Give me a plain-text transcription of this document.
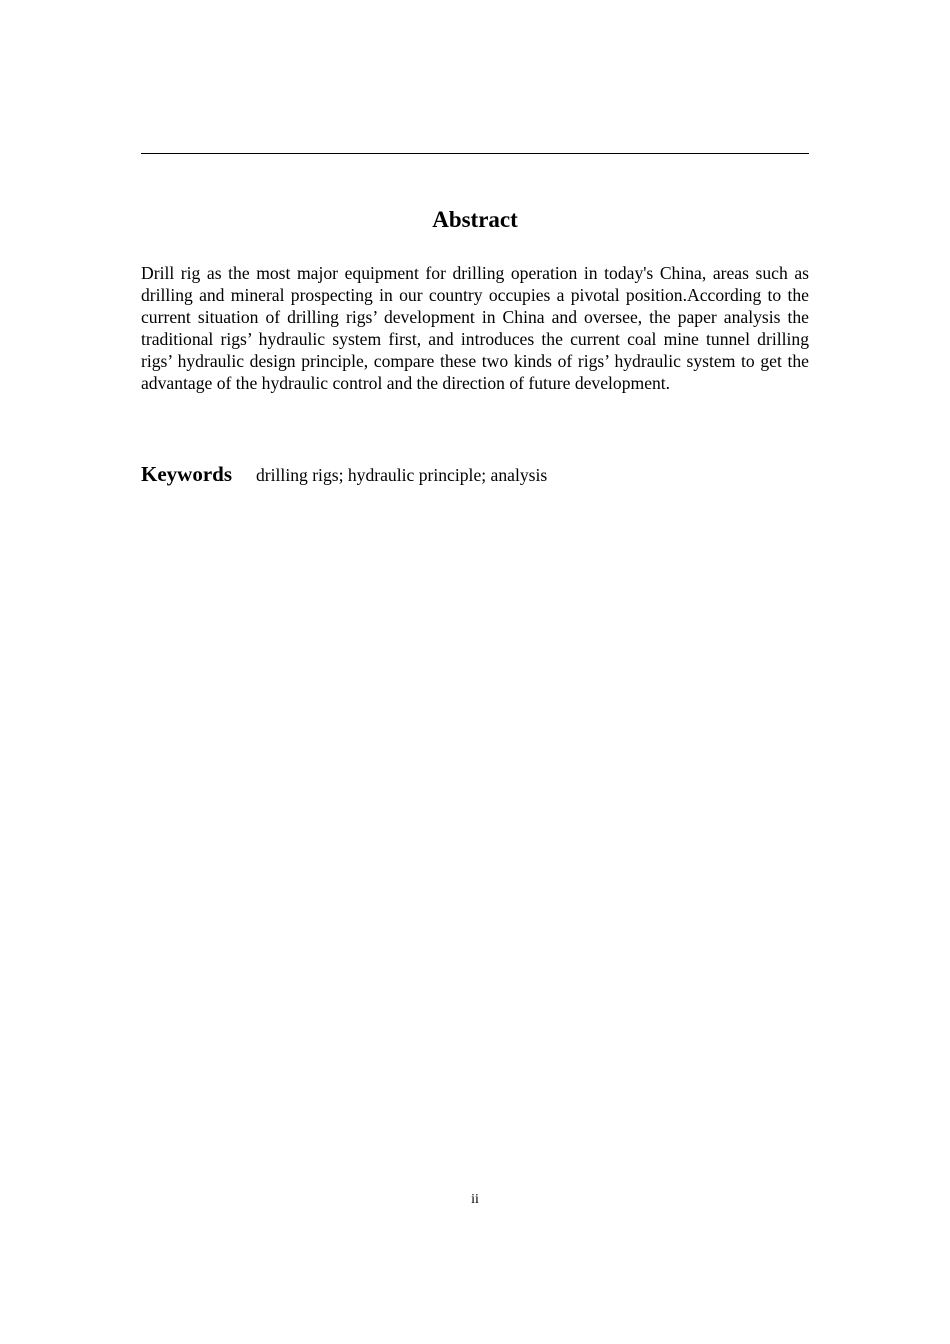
Abstract

Drill rig as the most major equipment for drilling operation in today's China, areas such as drilling and mineral prospecting in our country occupies a pivotal position.According to the current situation of drilling rigs’ development in China and oversee, the paper analysis the traditional rigs’ hydraulic system first, and introduces the current coal mine tunnel drilling rigs’ hydraulic design principle, compare these two kinds of rigs’ hydraulic system to get the advantage of the hydraulic control and the direction of future development.

Keywords drilling rigs; hydraulic principle; analysis
ii
